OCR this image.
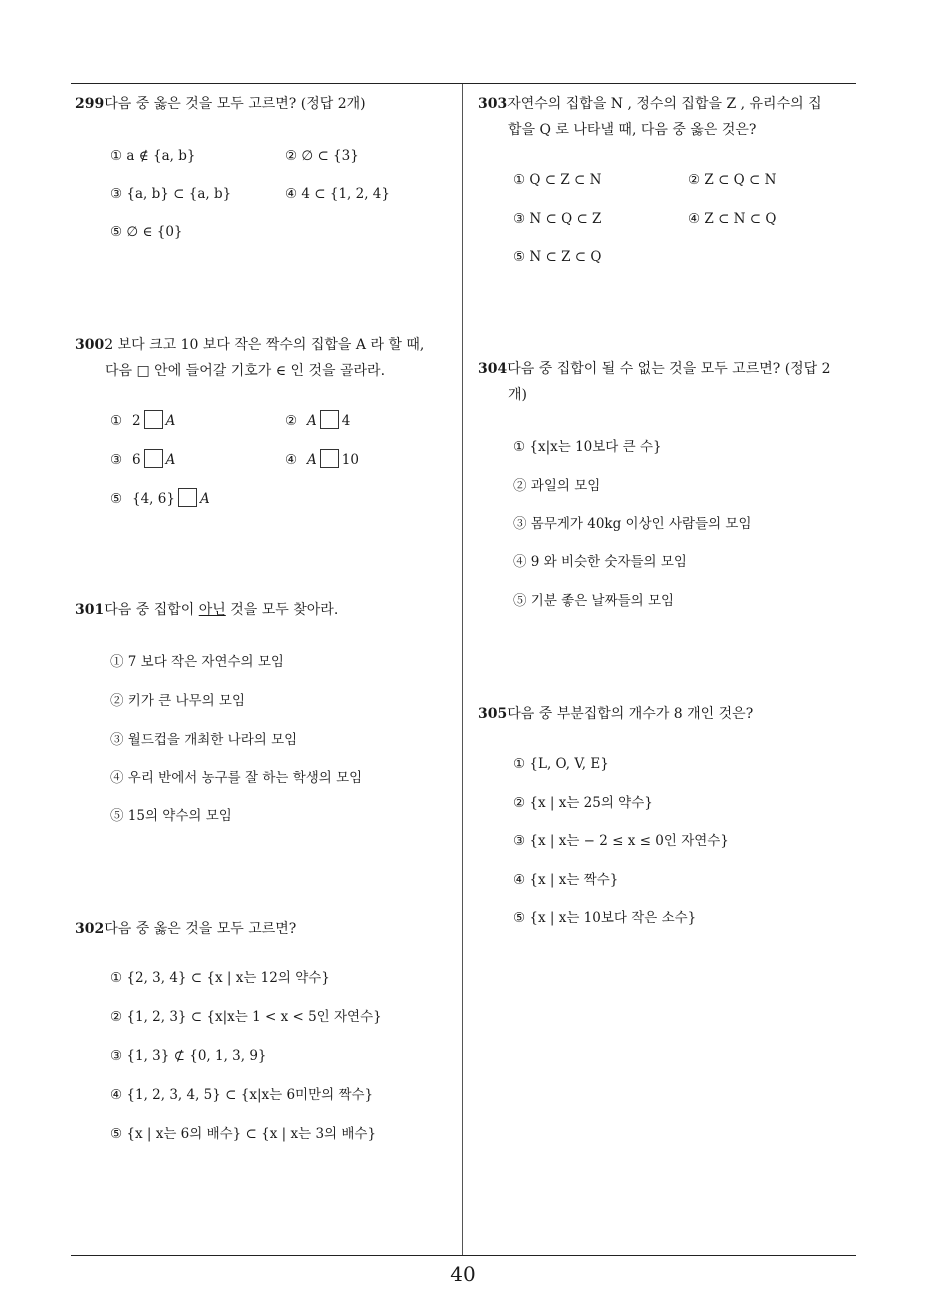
299다음 중 옳은 것을 모두 고르면? (정답 2개)
① a ∉ {a, b}	② ∅ ⊂ {3}
③ {a, b} ⊂ {a, b}	④ 4 ⊂ {1, 2, 4}
⑤ ∅ ∈ {0}
3002 보다 크고 10 보다 작은 짝수의 집합을 A 라 할 때,
다음 □ 안에 들어갈 기호가 ∈ 인 것을 골라라.
① 2 A	② A 4
③ 6 A	④ A 10
⑤ {4, 6} A
301다음 중 집합이 아닌 것을 모두 찾아라.
① 7 보다 작은 자연수의 모임
② 키가 큰 나무의 모임
③ 월드컵을 개최한 나라의 모임
④ 우리 반에서 농구를 잘 하는 학생의 모임
⑤ 15의 약수의 모임
302다음 중 옳은 것을 모두 고르면?
① {2, 3, 4} ⊂ {x | x는 12의 약수}
② {1, 2, 3} ⊂ {x|x는 1 < x < 5인 자연수}
③ {1, 3} ⊄ {0, 1, 3, 9}
④ {1, 2, 3, 4, 5} ⊂ {x|x는 6미만의 짝수}
⑤ {x | x는 6의 배수} ⊂ {x | x는 3의 배수}
303자연수의 집합을 N , 정수의 집합을 Z , 유리수의 집
합을 Q 로 나타낼 때, 다음 중 옳은 것은?
① Q ⊂ Z ⊂ N	② Z ⊂ Q ⊂ N
③ N ⊂ Q ⊂ Z	④ Z ⊂ N ⊂ Q
⑤ N ⊂ Z ⊂ Q
304다음 중 집합이 될 수 없는 것을 모두 고르면? (정답 2
개)
① {x|x는 10보다 큰 수}
② 과일의 모임
③ 몸무게가 40kg 이상인 사람들의 모임
④ 9 와 비슷한 숫자들의 모임
⑤ 기분 좋은 날짜들의 모임
305다음 중 부분집합의 개수가 8 개인 것은?
① {L, O, V, E}
② {x | x는 25의 약수}
③ {x | x는 − 2 ≤ x ≤ 0인 자연수}
④ {x | x는 짝수}
⑤ {x | x는 10보다 작은 소수}
40
